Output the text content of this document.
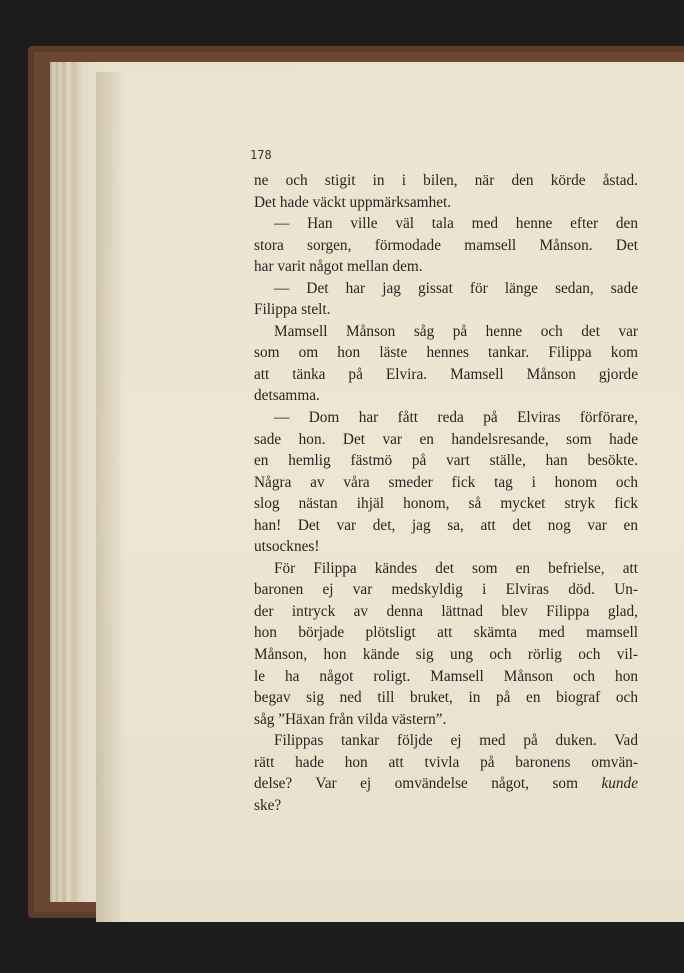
178
ne och stigit in i bilen, när den körde åstad.
Det hade väckt uppmärksamhet.
— Han ville väl tala med henne efter den
stora sorgen, förmodade mamsell Månson. Det
har varit något mellan dem.
— Det har jag gissat för länge sedan, sade
Filippa stelt.
Mamsell Månson såg på henne och det var
som om hon läste hennes tankar. Filippa kom
att tänka på Elvira. Mamsell Månson gjorde
detsamma.
— Dom har fått reda på Elviras förförare,
sade hon. Det var en handelsresande, som hade
en hemlig fästmö på vart ställe, han besökte.
Några av våra smeder fick tag i honom och
slog nästan ihjäl honom, så mycket stryk fick
han! Det var det, jag sa, att det nog var en
utsocknes!
För Filippa kändes det som en befrielse, att
baronen ej var medskyldig i Elviras död. Un-
der intryck av denna lättnad blev Filippa glad,
hon började plötsligt att skämta med mamsell
Månson, hon kände sig ung och rörlig och vil-
le ha något roligt. Mamsell Månson och hon
begav sig ned till bruket, in på en biograf och
såg ”Häxan från vilda västern”.
Filippas tankar följde ej med på duken. Vad
rätt hade hon att tvivla på baronens omvän-
delse? Var ej omvändelse något, som kunde
ske?
